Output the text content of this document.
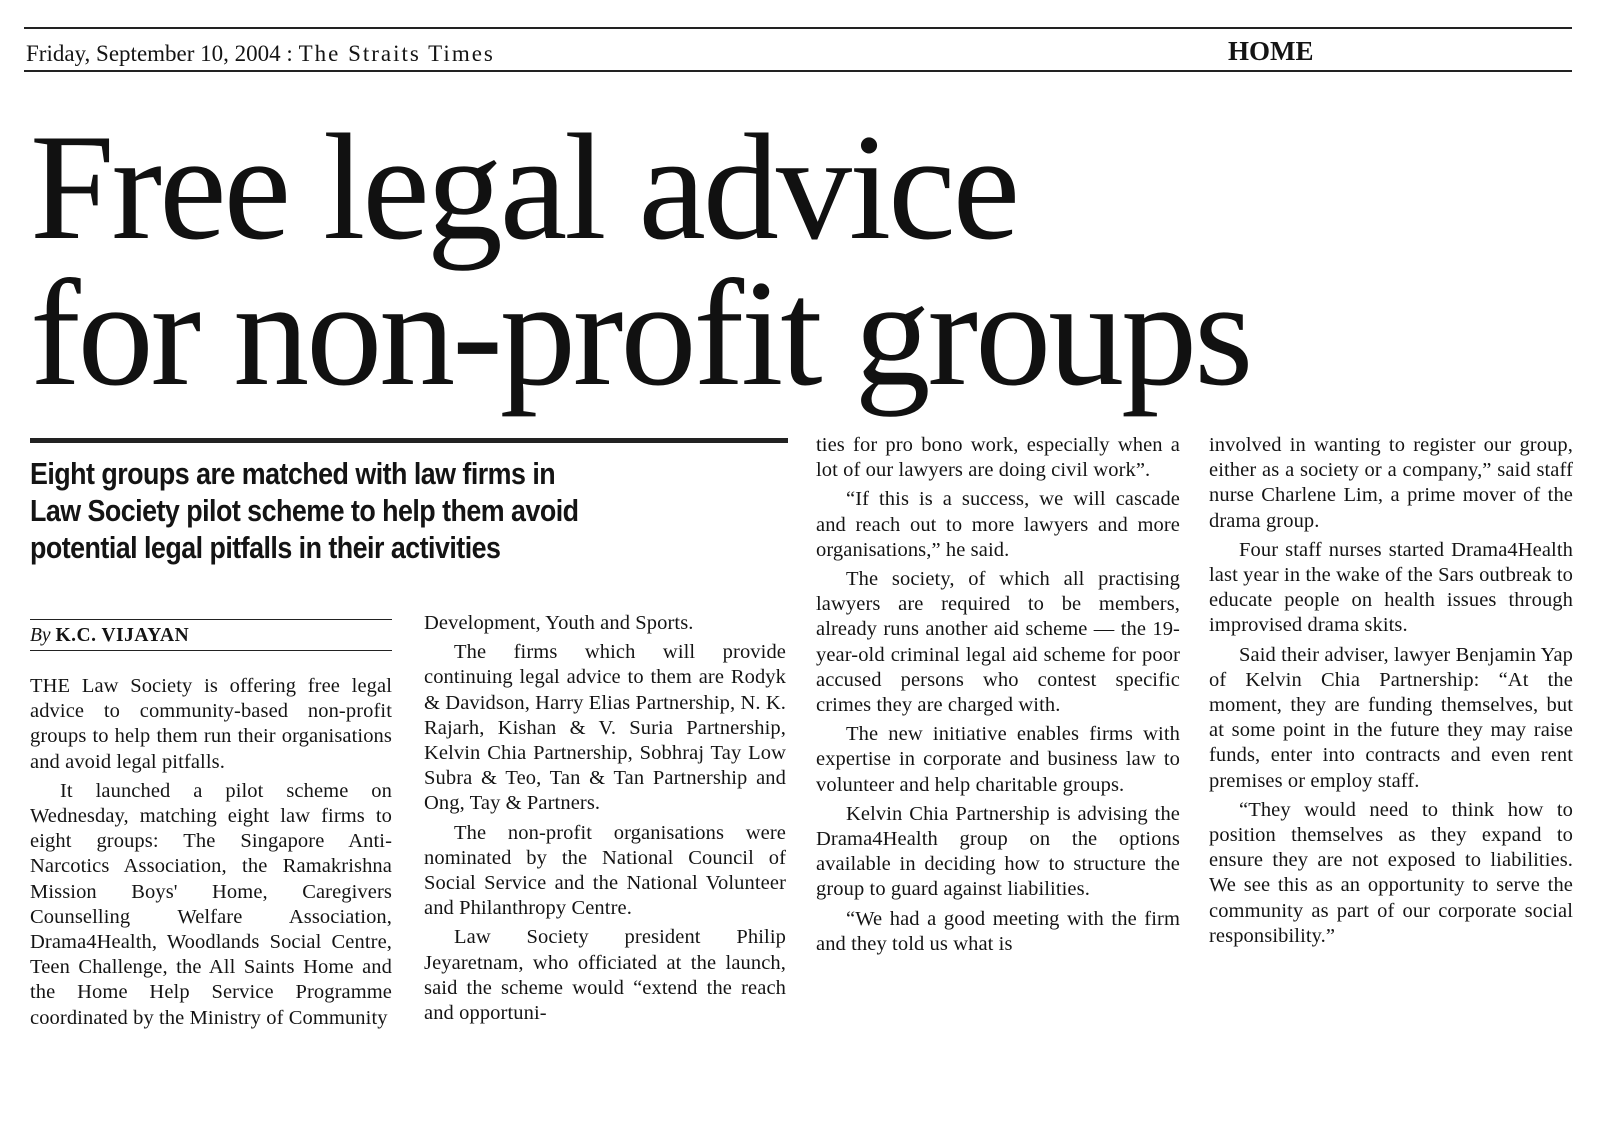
Friday, September 10, 2004 : The Straits Times	HOME
Free legal advice
for non-profit groups
Eight groups are matched with law firms in
Law Society pilot scheme to help them avoid
potential legal pitfalls in their activities
By K.C. VIJAYAN

THE Law Society is offering free legal advice to community-based non-profit groups to help them run their organisations and avoid legal pitfalls.

It launched a pilot scheme on Wednesday, matching eight law firms to eight groups: The Singapore Anti-Narcotics Association, the Ramakrishna Mission Boys' Home, Caregivers Counselling Welfare Association, Drama4Health, Woodlands Social Centre, Teen Challenge, the All Saints Home and the Home Help Service Programme coordinated by the Ministry of Community

Development, Youth and Sports.

The firms which will provide continuing legal advice to them are Rodyk & Davidson, Harry Elias Partnership, N. K. Rajarh, Kishan & V. Suria Partnership, Kelvin Chia Partnership, Sobhraj Tay Low Subra & Teo, Tan & Tan Partnership and Ong, Tay & Partners.

The non-profit organisations were nominated by the National Council of Social Service and the National Volunteer and Philanthropy Centre.

Law Society president Philip Jeyaretnam, who officiated at the launch, said the scheme would “extend the reach and opportuni-

ties for pro bono work, especially when a lot of our lawyers are doing civil work”.

“If this is a success, we will cascade and reach out to more lawyers and more organisations,” he said.

The society, of which all practising lawyers are required to be members, already runs another aid scheme — the 19-year-old criminal legal aid scheme for poor accused persons who contest specific crimes they are charged with.

The new initiative enables firms with expertise in corporate and business law to volunteer and help charitable groups.

Kelvin Chia Partnership is advising the Drama4Health group on the options available in deciding how to structure the group to guard against liabilities.

“We had a good meeting with the firm and they told us what is

involved in wanting to register our group, either as a society or a company,” said staff nurse Charlene Lim, a prime mover of the drama group.

Four staff nurses started Drama4Health last year in the wake of the Sars outbreak to educate people on health issues through improvised drama skits.

Said their adviser, lawyer Benjamin Yap of Kelvin Chia Partnership: “At the moment, they are funding themselves, but at some point in the future they may raise funds, enter into contracts and even rent premises or employ staff.

“They would need to think how to position themselves as they expand to ensure they are not exposed to liabilities. We see this as an opportunity to serve the community as part of our corporate social responsibility.”
